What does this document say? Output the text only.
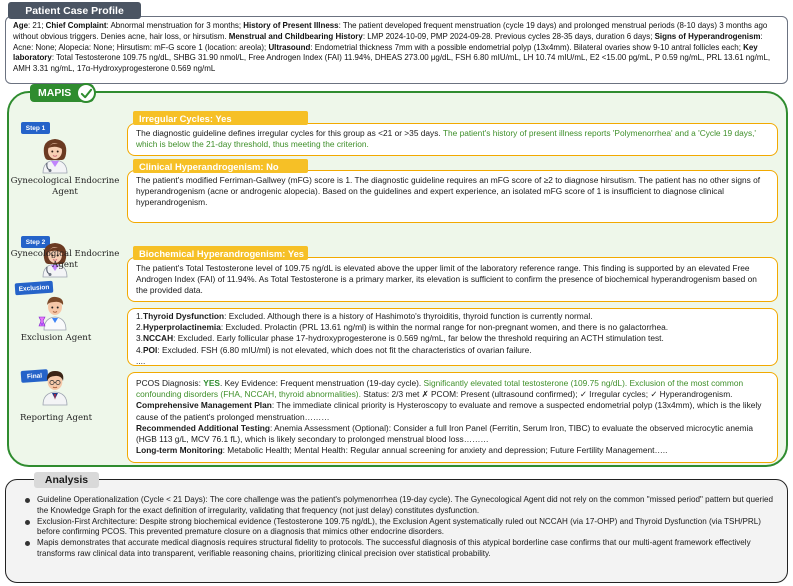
Age: 21; Chief Complaint: Abnormal menstruation for 3 months; History of Present Illness: The patient developed frequent menstruation (cycle 19 days) and prolonged menstrual periods (8-10 days) 3 months ago without obvious triggers. Denies acne, hair loss, or hirsutism. Menstrual and Childbearing History: LMP 2024-10-09, PMP 2024-09-28. Previous cycles 28-35 days, duration 6 days; Signs of Hyperandrogenism: Acne: None; Alopecia: None; Hirsutism: mF-G score 1 (location: areola); Ultrasound: Endometrial thickness 7mm with a possible endometrial polyp (13x4mm). Bilateral ovaries show 9-10 antral follicles each; Key laboratory: Total Testosterone 109.75 ng/dL, SHBG 31.90 nmol/L, Free Androgen Index (FAI) 11.94%, DHEAS 273.00 μg/dL, FSH 6.80 mIU/mL, LH 10.74 mIU/mL, E2 <15.00 pg/mL, P 0.59 ng/mL, PRL 13.61 ng/mL, AMH 3.31 ng/mL, 17α-Hydroxyprogesterone 0.569 ng/mL
Patient Case Profile
MAPIS
Step 1
Step 2
Exclusion
Final
Gynecological Endocrine Agent
Gynecological Endocrine Agent
Exclusion Agent
Reporting Agent
The diagnostic guideline defines irregular cycles for this group as <21 or >35 days. The patient's history of present illness reports 'Polymenorrhea' and a 'Cycle 19 days,' which is below the 21-day threshold, thus meeting the criterion.
Irregular Cycles: Yes
The patient's modified Ferriman-Gallwey (mFG) score is 1. The diagnostic guideline requires an mFG score of ≥2 to diagnose hirsutism. The patient has no other signs of hyperandrogenism (acne or androgenic alopecia). Based on the guidelines and expert experience, an isolated mFG score of 1 is insufficient to diagnose clinical hyperandrogenism.
Clinical Hyperandrogenism: No
The patient's Total Testosterone level of 109.75 ng/dL is elevated above the upper limit of the laboratory reference range. This finding is supported by an elevated Free Androgen Index (FAI) of 11.94%. As Total Testosterone is a primary marker, its elevation is sufficient to confirm the presence of biochemical hyperandrogenism based on the provided data.
Biochemical Hyperandrogenism: Yes
1.Thyroid Dysfunction: Excluded. Although there is a history of Hashimoto's thyroiditis, thyroid function is currently normal.
2.Hyperprolactinemia: Excluded. Prolactin (PRL 13.61 ng/ml) is within the normal range for non-pregnant women, and there is no galactorrhea.
3.NCCAH: Excluded. Early follicular phase 17-hydroxyprogesterone is 0.569 ng/mL, far below the threshold requiring an ACTH stimulation test.
4.POI: Excluded. FSH (6.80 mIU/ml) is not elevated, which does not fit the characteristics of ovarian failure.
....
PCOS Diagnosis: YES. Key Evidence: Frequent menstruation (19-day cycle). Significantly elevated total testosterone (109.75 ng/dL). Exclusion of the most common confounding disorders (FHA, NCCAH, thyroid abnormalities). Status: 2/3 met ✗ PCOM: Present (ultrasound confirmed); ✓ Irregular cycles; ✓ Hyperandrogenism.
Comprehensive Management Plan: The immediate clinical priority is Hysteroscopy to evaluate and remove a suspected endometrial polyp (13x4mm), which is the likely cause of the patient's prolonged menstruation………
Recommended Additional Testing: Anemia Assessment (Optional): Consider a full Iron Panel (Ferritin, Serum Iron, TIBC) to evaluate the observed microcytic anemia (HGB 113 g/L, MCV 76.1 fL), which is likely secondary to prolonged menstrual blood loss………
Long-term Monitoring: Metabolic Health; Mental Health: Regular annual screening for anxiety and depression; Future Fertility Management…..
Guideline Operationalization (Cycle < 21 Days): The core challenge was the patient's polymenorrhea (19-day cycle). The Gynecological Agent did not rely on the common "missed period" pattern but queried the Knowledge Graph for the exact definition of irregularity, validating that frequency (not just delay) constitutes dysfunction.
Exclusion-First Architecture: Despite strong biochemical evidence (Testosterone 109.75 ng/dL), the Exclusion Agent systematically ruled out NCCAH (via 17-OHP) and Thyroid Dysfunction (via TSH/PRL) before confirming PCOS. This prevented premature closure on a diagnosis that mimics other endocrine disorders.
Mapis demonstrates that accurate medical diagnosis requires structural fidelity to protocols. The successful diagnosis of this atypical borderline case confirms that our multi-agent framework effectively transforms raw clinical data into transparent, verifiable reasoning chains, prioritizing clinical precision over statistical probability.
Analysis
